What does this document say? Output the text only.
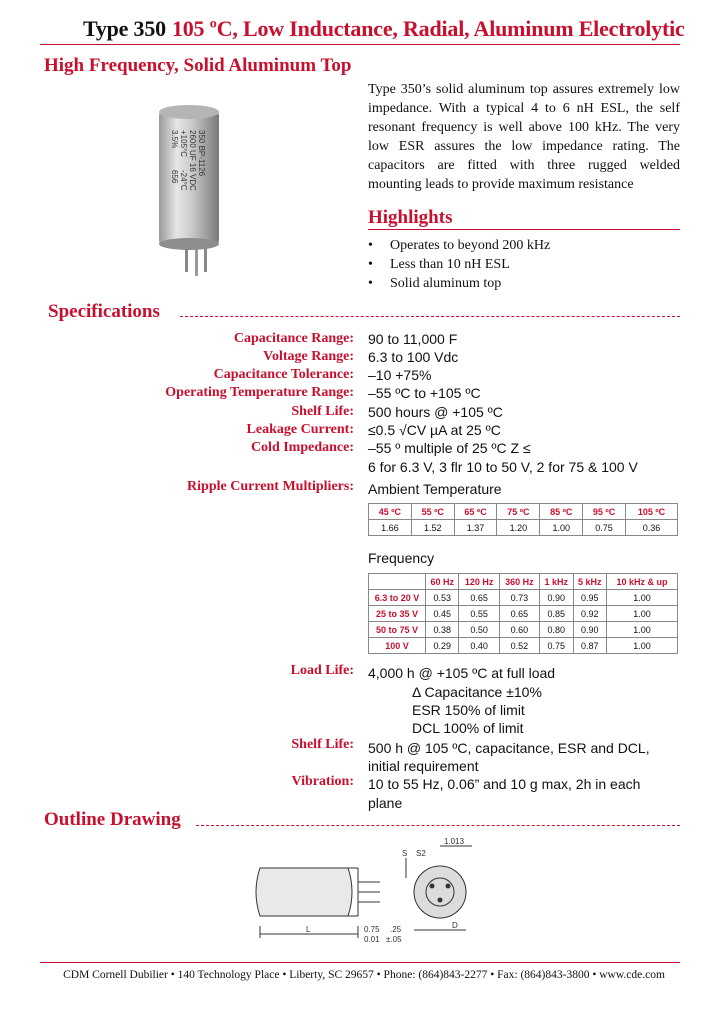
Type 350 105 ºC, Low Inductance, Radial, Aluminum Electrolytic
High Frequency, Solid Aluminum Top
350 BP-1126
2600 UF 16 VDC
+105°C
-24°C
3.5%
656
Type 350’s solid aluminum top assures extremely low impedance. With a typical 4 to 6 nH ESL, the self resonant frequency is well above 100 kHz. The very low ESR assures the low impedance rating. The capacitors are fitted with three rugged welded mounting leads to provide maximum resistance
Highlights
• Operates to beyond 200 kHz
• Less than 10 nH ESL
• Solid aluminum top
Specifications
Capacitance Range: 90 to 11,000 F
Voltage Range: 6.3 to 100 Vdc
Capacitance Tolerance: –10 +75%
Operating Temperature Range: –55 ºC to +105 ºC
Shelf Life: 500 hours @ +105 ºC
Leakage Current: ≤0.5 √CV µA at 25 ºC
Cold Impedance: –55 º multiple of 25 ºC Z ≤
6 for 6.3 V, 3 flr 10 to 50 V, 2 for 75 & 100 V
Ripple Current Multipliers: Ambient Temperature
45 ºC	55 ºC	65 ºC	75 ºC	85 ºC	95 ºC	105 ºC
1.66	1.52	1.37	1.20	1.00	0.75	0.36
Frequency
	60 Hz	120 Hz	360 Hz	1 kHz	5 kHz	10 kHz & up
6.3 to 20 V	0.53	0.65	0.73	0.90	0.95	1.00
25 to 35 V	0.45	0.55	0.65	0.85	0.92	1.00
50 to 75 V	0.38	0.50	0.60	0.80	0.90	1.00
100 V	0.29	0.40	0.52	0.75	0.87	1.00
Load Life: 4,000 h @ +105 ºC at full load
Δ Capacitance ±10%
ESR 150% of limit
DCL 100% of limit
Shelf Life: 500 h @ 105 ºC, capacitance, ESR and DCL,
initial requirement
Vibration: 10 to 55 Hz, 0.06” and 10 g max, 2h in each
plane
Outline Drawing
1.013
S S2
L	D
0.75
0.01
.25
±.05
CDM Cornell Dubilier • 140 Technology Place • Liberty, SC 29657 • Phone: (864)843-2277 • Fax: (864)843-3800 • www.cde.com
